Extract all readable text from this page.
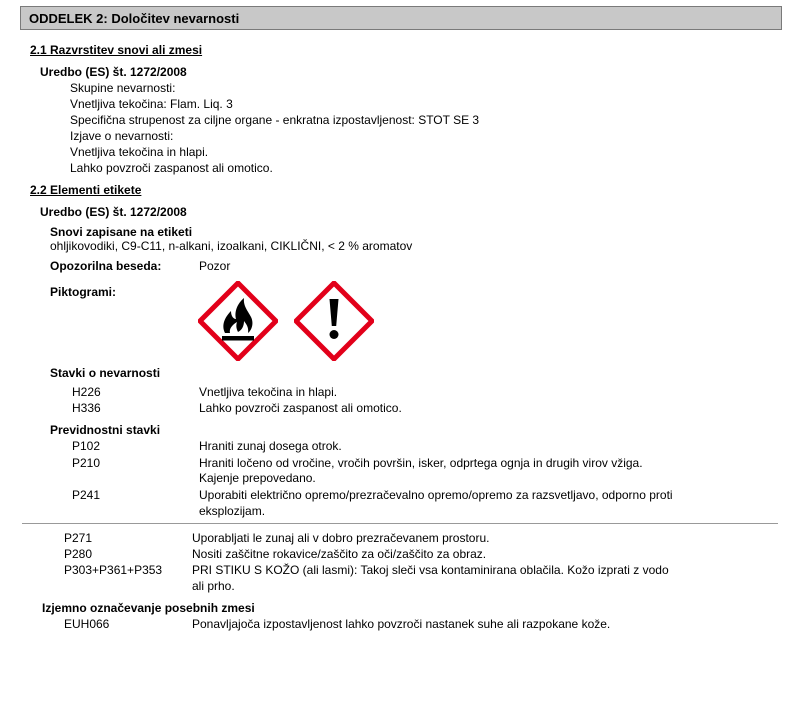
ODDELEK 2: Določitev nevarnosti
2.1 Razvrstitev snovi ali zmesi
Uredbo (ES) št. 1272/2008
Skupine nevarnosti:
Vnetljiva tekočina: Flam. Liq. 3
Specifična strupenost za ciljne organe - enkratna izpostavljenost: STOT SE 3
Izjave o nevarnosti:
Vnetljiva tekočina in hlapi.
Lahko povzroči zaspanost ali omotico.
2.2 Elementi etikete
Uredbo (ES) št. 1272/2008
Snovi zapisane na etiketi
ohljikovodiki, C9-C11, n-alkani, izoalkani, CIKLIČNI, < 2 % aromatov
Opozorilna beseda:	Pozor
Piktogrami:
Stavki o nevarnosti
H226	Vnetljiva tekočina in hlapi.
H336	Lahko povzroči zaspanost ali omotico.
Previdnostni stavki
P102	Hraniti zunaj dosega otrok.
P210	Hraniti ločeno od vročine, vročih površin, isker, odprtega ognja in drugih virov vžiga.
Kajenje prepovedano.
P241	Uporabiti električno opremo/prezračevalno opremo/opremo za razsvetljavo, odporno proti
eksplozijam.
P271	Uporabljati le zunaj ali v dobro prezračevanem prostoru.
P280	Nositi zaščitne rokavice/zaščito za oči/zaščito za obraz.
P303+P361+P353 PRI STIKU S KOŽO (ali lasmi): Takoj sleči vsa kontaminirana oblačila. Kožo izprati z vodo
ali prho.
Izjemno označevanje posebnih zmesi
EUH066	Ponavljajoča izpostavljenost lahko povzroči nastanek suhe ali razpokane kože.
